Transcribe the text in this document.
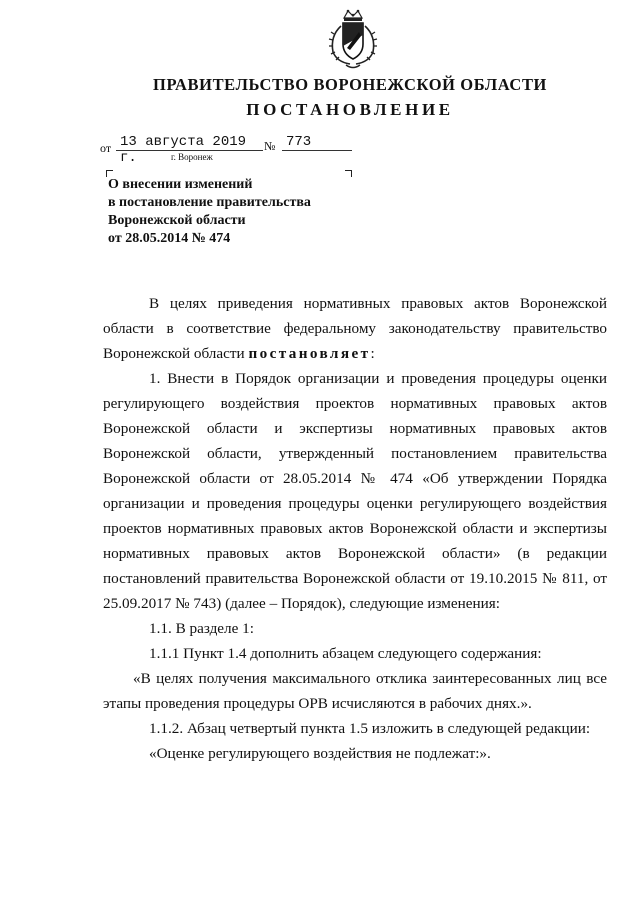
ПРАВИТЕЛЬСТВО ВОРОНЕЖСКОЙ ОБЛАСТИ
ПОСТАНОВЛЕНИЕ
от 13 августа 2019 г.
№ 773
г. Воронеж
О внесении изменений
в постановление правительства
Воронежской области
от 28.05.2014 № 474

В целях приведения нормативных правовых актов Воронежской области в соответствие федеральному законодательству правительство Воронежской области постановляет:

1. Внести в Порядок организации и проведения процедуры оценки регулирующего воздействия проектов нормативных правовых актов Воронежской области и экспертизы нормативных правовых актов Воронежской области, утвержденный постановлением правительства Воронежской области от 28.05.2014 № 474 «Об утверждении Порядка организации и проведения процедуры оценки регулирующего воздействия проектов нормативных правовых актов Воронежской области и экспертизы нормативных правовых актов Воронежской области» (в редакции постановлений правительства Воронежской области от 19.10.2015 № 811, от 25.09.2017 № 743) (далее – Порядок), следующие изменения:

1.1. В разделе 1:

1.1.1 Пункт 1.4 дополнить абзацем следующего содержания:

«В целях получения максимального отклика заинтересованных лиц все этапы проведения процедуры ОРВ исчисляются в рабочих днях.».

1.1.2. Абзац четвертый пункта 1.5 изложить в следующей редакции:

«Оценке регулирующего воздействия не подлежат:».
